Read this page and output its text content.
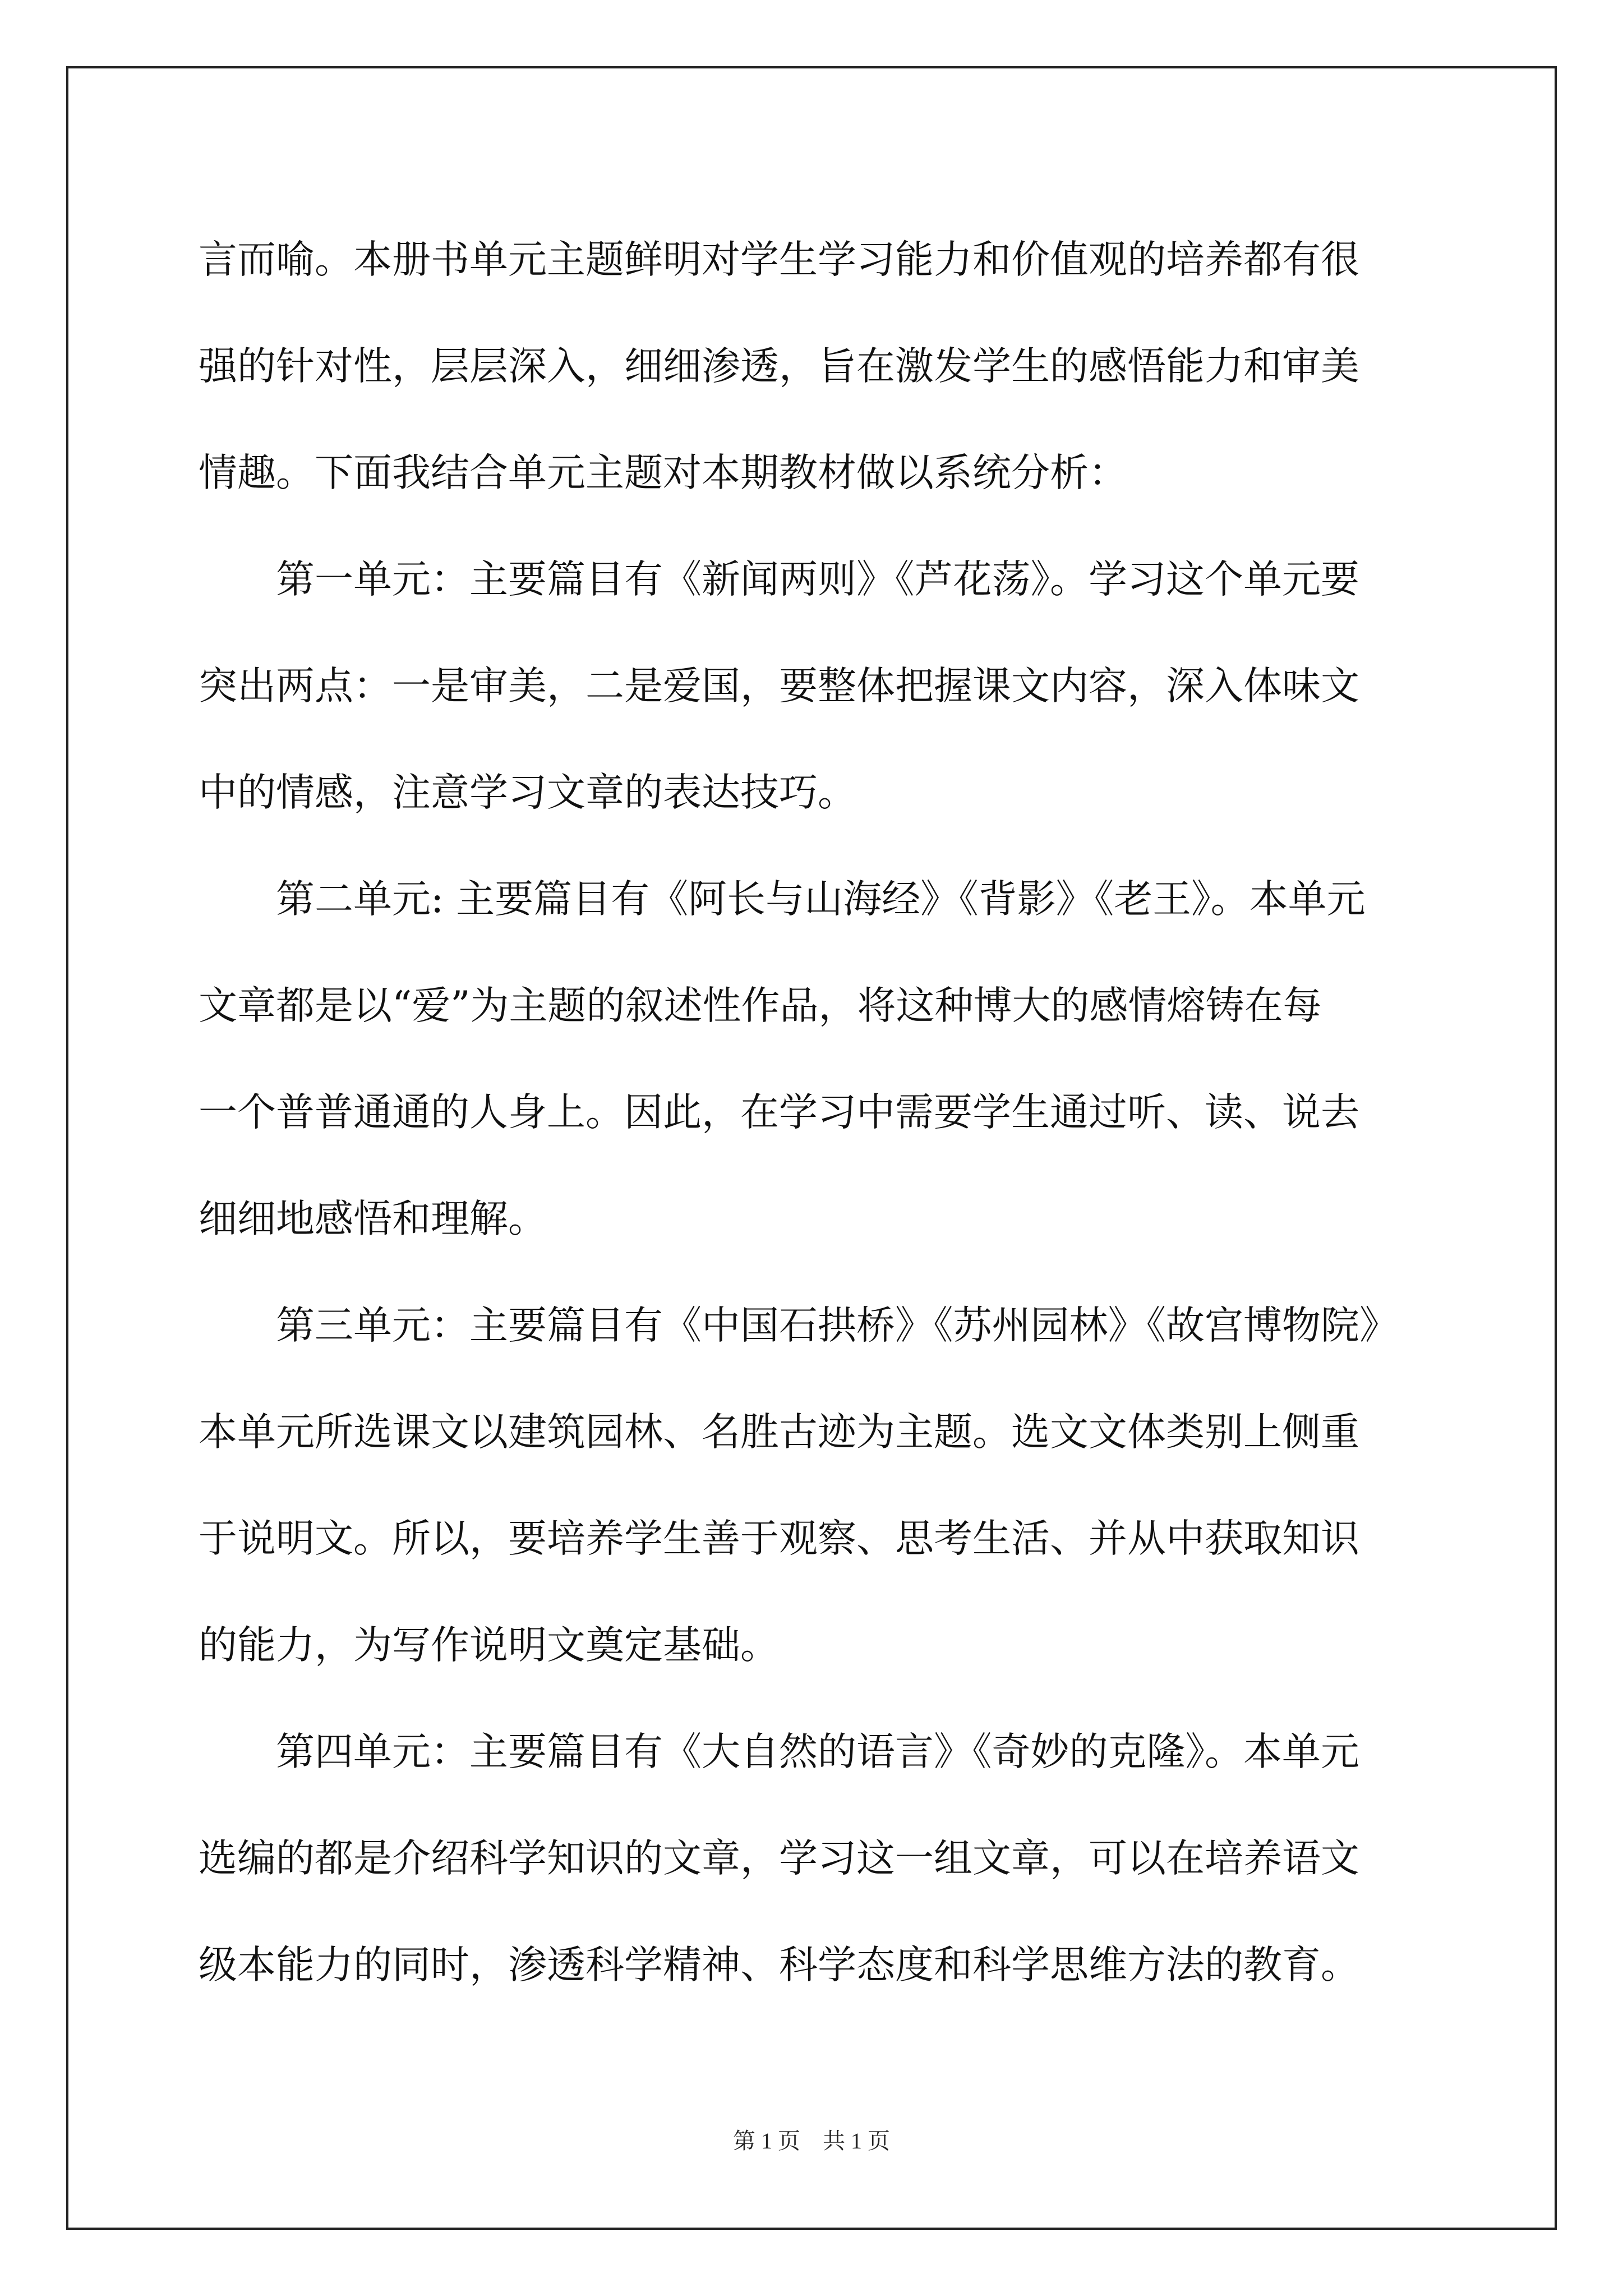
言而喻。本册书单元主题鲜明对学生学习能力和价值观的培养都有很
强的针对性，层层深入，细细渗透，旨在激发学生的感悟能力和审美
情趣。下面我结合单元主题对本期教材做以系统分析：
　　第一单元：主要篇目有《新闻两则》《芦花荡》。学习这个单元要
突出两点：一是审美，二是爱国，要整体把握课文内容，深入体味文
中的情感，注意学习文章的表达技巧。
　　第二单元: 主要篇目有《阿长与山海经》《背影》《老王》。本单元
文章都是以“爱”为主题的叙述性作品，将这种博大的感情熔铸在每
一个普普通通的人身上。因此，在学习中需要学生通过听、读、说去
细细地感悟和理解。
　　第三单元：主要篇目有《中国石拱桥》《苏州园林》《故宫博物院》
本单元所选课文以建筑园林、名胜古迹为主题。选文文体类别上侧重
于说明文。所以，要培养学生善于观察、思考生活、并从中获取知识
的能力，为写作说明文奠定基础。
　　第四单元：主要篇目有《大自然的语言》《奇妙的克隆》。本单元
选编的都是介绍科学知识的文章，学习这一组文章，可以在培养语文
级本能力的同时，渗透科学精神、科学态度和科学思维方法的教育。
第 1 页　共 1 页
